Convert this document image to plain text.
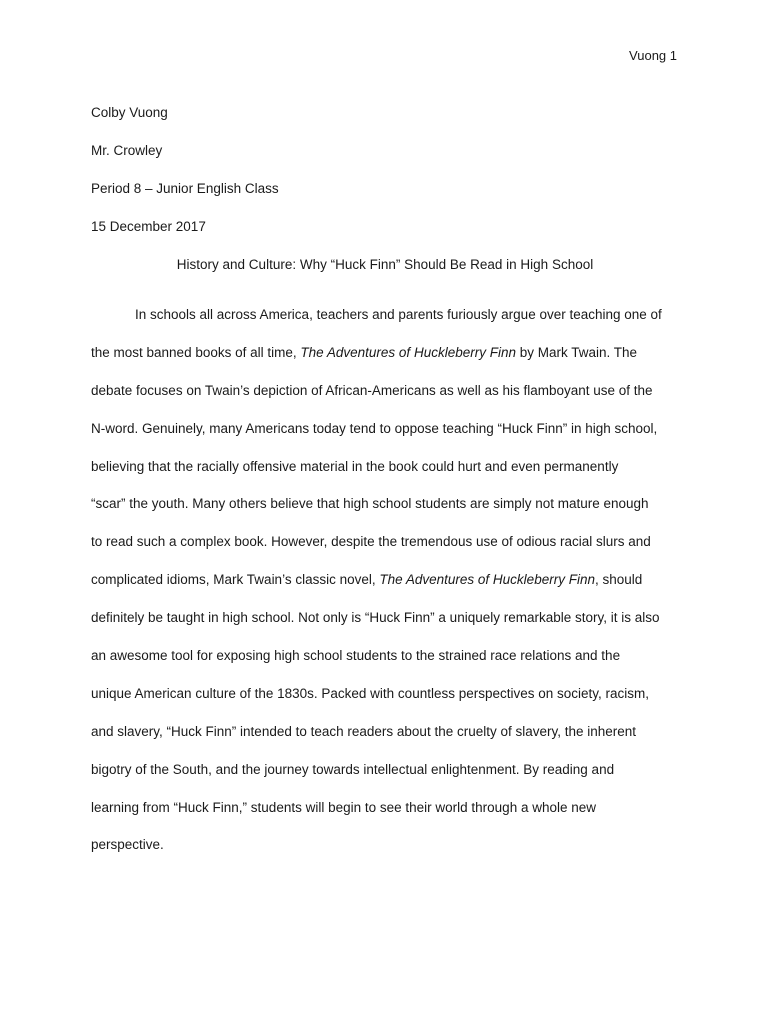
Vuong 1
Colby Vuong
Mr. Crowley
Period 8 – Junior English Class
15 December 2017
History and Culture: Why “Huck Finn” Should Be Read in High School
In schools all across America, teachers and parents furiously argue over teaching one of
the most banned books of all time, The Adventures of Huckleberry Finn by Mark Twain. The
debate focuses on Twain’s depiction of African-Americans as well as his flamboyant use of the
N-word. Genuinely, many Americans today tend to oppose teaching “Huck Finn” in high school,
believing that the racially offensive material in the book could hurt and even permanently
“scar” the youth. Many others believe that high school students are simply not mature enough
to read such a complex book. However, despite the tremendous use of odious racial slurs and
complicated idioms, Mark Twain’s classic novel, The Adventures of Huckleberry Finn, should
definitely be taught in high school. Not only is “Huck Finn” a uniquely remarkable story, it is also
an awesome tool for exposing high school students to the strained race relations and the
unique American culture of the 1830s. Packed with countless perspectives on society, racism,
and slavery, “Huck Finn” intended to teach readers about the cruelty of slavery, the inherent
bigotry of the South, and the journey towards intellectual enlightenment. By reading and
learning from “Huck Finn,” students will begin to see their world through a whole new
perspective.
